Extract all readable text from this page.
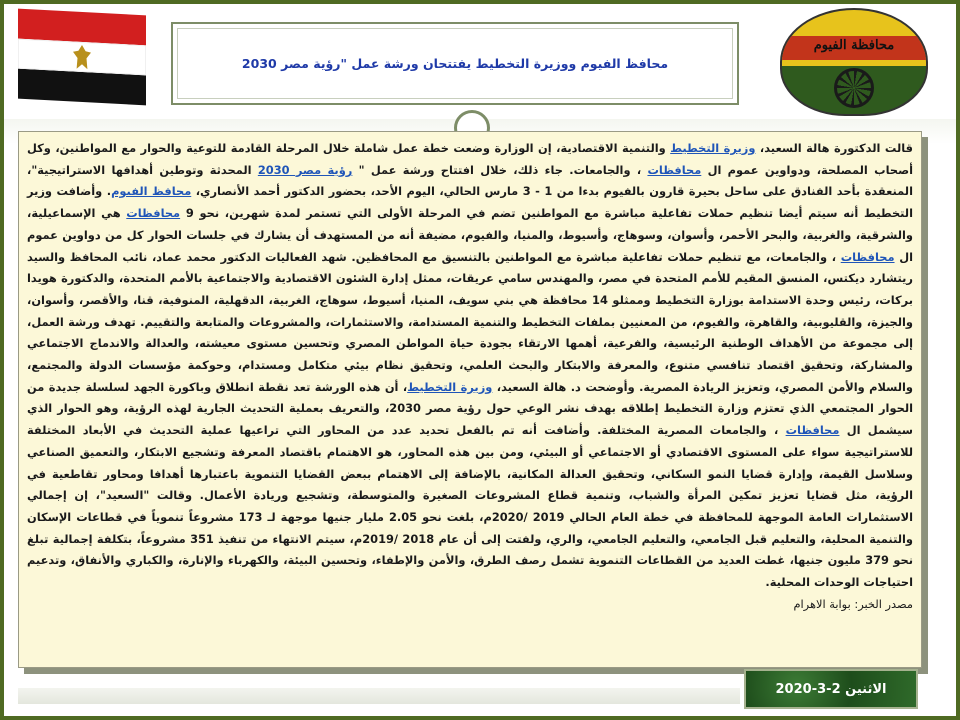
محافظ الفيوم ووزيرة التخطيط يفتتحان ورشة عمل "رؤية مصر 2030
محافظة الفيوم

قالت الدكتورة هالة السعيد، وزيرة التخطيط والتنمية الاقتصادية، إن الوزارة وضعت خطة عمل شاملة خلال المرحلة القادمة للتوعية والحوار مع المواطنين، وكل أصحاب المصلحة، ودواوين عموم ال محافظات ، والجامعات. جاء ذلك، خلال افتتاح ورشة عمل " رؤية مصر 2030 المحدثة وتوطين أهدافها الاستراتيجية"، المنعقدة بأحد الفنادق على ساحل بحيرة قارون بالفيوم بدءا من 1 - 3 مارس الحالي، اليوم الأحد، بحضور الدكتور أحمد الأنصاري، محافظ الفيوم. وأضافت وزير التخطيط أنه سيتم أيضا تنظيم حملات تفاعلية مباشرة مع المواطنين تضم في المرحلة الأولى التي تستمر لمدة شهرين، نحو 9 محافظات هي الإسماعيلية، والشرقية، والغربية، والبحر الأحمر، وأسوان، وسوهاج، وأسيوط، والمنيا، والفيوم، مضيفة أنه من المستهدف أن يشارك في جلسات الحوار كل من دواوين عموم ال محافظات ، والجامعات، مع تنظيم حملات تفاعلية مباشرة مع المواطنين بالتنسيق مع المحافظين. شهد الفعاليات الدكتور محمد عماد، نائب المحافظ والسيد ريتشارد ديكتس، المنسق المقيم للأمم المتحدة في مصر، والمهندس سامي عريقات، ممثل إدارة الشئون الاقتصادية والاجتماعية بالأمم المتحدة، والدكتورة هويدا بركات، رئيس وحدة الاستدامة بوزارة التخطيط وممثلو 14 محافظة هي بني سويف، المنيا، أسيوط، سوهاج، الغربية، الدقهلية، المنوفية، قنا، والأقصر، وأسوان، والجيزة، والقليوبية، والقاهرة، والفيوم، من المعنيين بملفات التخطيط والتنمية المستدامة، والاستثمارات، والمشروعات والمتابعة والتقييم. تهدف ورشة العمل، إلى مجموعة من الأهداف الوطنية الرئيسية، والفرعية، أهمها الارتقاء بجودة حياة المواطن المصري وتحسين مستوى معيشته، والعدالة والاندماج الاجتماعي والمشاركة، وتحقيق اقتصاد تنافسي متنوع، والمعرفة والابتكار والبحث العلمي، وتحقيق نظام بيئي متكامل ومستدام، وحوكمة مؤسسات الدولة والمجتمع، والسلام والأمن المصري، وتعزيز الريادة المصرية. وأوضحت د. هالة السعيد، وزيرة التخطيط، أن هذه الورشة تعد نقطة انطلاق وباكورة الجهد لسلسلة جديدة من الحوار المجتمعي الذي تعتزم وزارة التخطيط إطلاقه بهدف نشر الوعي حول رؤية مصر 2030، والتعريف بعملية التحديث الجارية لهذه الرؤية، وهو الحوار الذي سيشمل ال محافظات ، والجامعات المصرية المختلفة. وأضافت أنه تم بالفعل تحديد عدد من المحاور التي تراعيها عملية التحديث في الأبعاد المختلفة للاستراتيجية سواء على المستوى الاقتصادي أو الاجتماعي أو البيئي، ومن بين هذه المحاور، هو الاهتمام باقتصاد المعرفة وتشجيع الابتكار، والتعميق الصناعي وسلاسل القيمة، وإدارة قضايا النمو السكاني، وتحقيق العدالة المكانية، بالإضافة إلى الاهتمام ببعض القضايا التنموية باعتبارها أهدافا ومحاور تقاطعية في الرؤية، مثل قضايا تعزيز تمكين المرأة والشباب، وتنمية قطاع المشروعات الصغيرة والمتوسطة، وتشجيع وريادة الأعمال. وقالت "السعيد"، إن إجمالي الاستثمارات العامة الموجهة للمحافظة في خطة العام الحالي 2019 /2020م، بلغت نحو 2.05 مليار جنيها موجهة لـ 173 مشروعاً تنموياً في قطاعات الإسكان والتنمية المحلية، والتعليم قبل الجامعي، والتعليم الجامعي، والري، ولفتت إلى أن عام 2018 /2019م، سيتم الانتهاء من تنفيذ 351 مشروعاً، بتكلفة إجمالية تبلغ نحو 379 مليون جنيها، غطت العديد من القطاعات التنموية تشمل رصف الطرق، والأمن والإطفاء، وتحسين البيئة، والكهرباء والإنارة، والكباري والأنفاق، وتدعيم احتياجات الوحدات المحلية.

مصدر الخبر: بوابة الاهرام
الاثنين 2-3-2020
